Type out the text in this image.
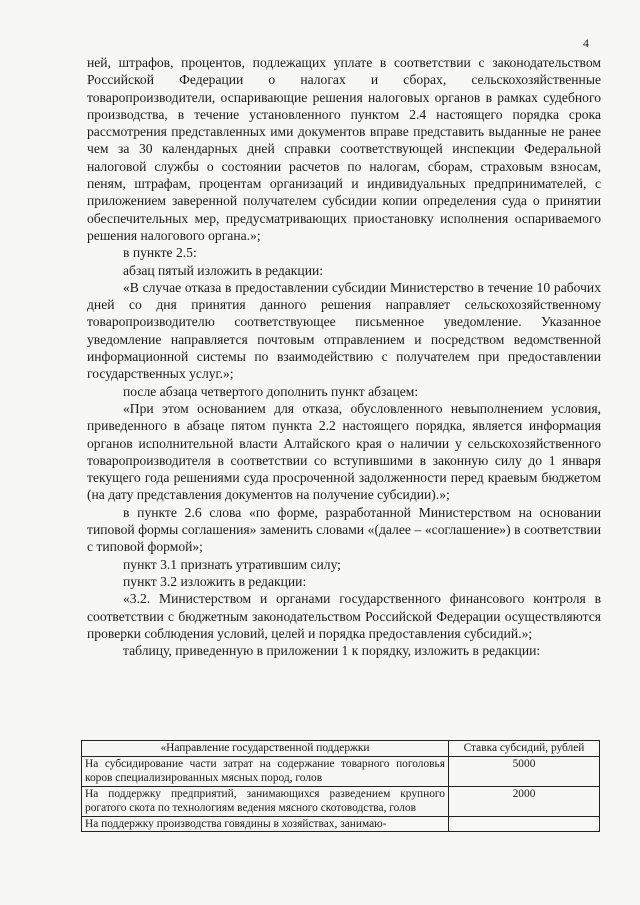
4

ней, штрафов, процентов, подлежащих уплате в соответствии с законодательством Российской Федерации о налогах и сборах, сельскохозяйственные товаропроизводители, оспаривающие решения налоговых органов в рамках судебного производства, в течение установленного пунктом 2.4 настоящего порядка срока рассмотрения представленных ими документов вправе представить выданные не ранее чем за 30 календарных дней справки соответствующей инспекции Федеральной налоговой службы о состоянии расчетов по налогам, сборам, страховым взносам, пеням, штрафам, процентам организаций и индивидуальных предпринимателей, с приложением заверенной получателем субсидии копии определения суда о принятии обеспечительных мер, предусматривающих приостановку исполнения оспариваемого решения налогового органа.»;

в пункте 2.5:

абзац пятый изложить в редакции:

«В случае отказа в предоставлении субсидии Министерство в течение 10 рабочих дней со дня принятия данного решения направляет сельскохозяйственному товаропроизводителю соответствующее письменное уведомление. Указанное уведомление направляется почтовым отправлением и посредством ведомственной информационной системы по взаимодействию с получателем при предоставлении государственных услуг.»;

после абзаца четвертого дополнить пункт абзацем:

«При этом основанием для отказа, обусловленного невыполнением условия, приведенного в абзаце пятом пункта 2.2 настоящего порядка, является информация органов исполнительной власти Алтайского края о наличии у сельскохозяйственного товаропроизводителя в соответствии со вступившими в законную силу до 1 января текущего года решениями суда просроченной задолженности перед краевым бюджетом (на дату представления документов на получение субсидии).»;

в пункте 2.6 слова «по форме, разработанной Министерством на основании типовой формы соглашения» заменить словами «(далее – «соглашение») в соответствии с типовой формой»;

пункт 3.1 признать утратившим силу;

пункт 3.2 изложить в редакции:

«3.2. Министерством и органами государственного финансового контроля в соответствии с бюджетным законодательством Российской Федерации осуществляются проверки соблюдения условий, целей и порядка предоставления субсидий.»;

таблицу, приведенную в приложении 1 к порядку, изложить в редакции:

«Направление государственной поддержки	Ставка субсидий, рублей
На субсидирование части затрат на содержание товарного поголовья коров специализированных мясных пород, голов	5000
На поддержку предприятий, занимающихся разведением крупного рогатого скота по технологиям ведения мясного скотоводства, голов	2000
На поддержку производства говядины в хозяйствах, занимаю-	
